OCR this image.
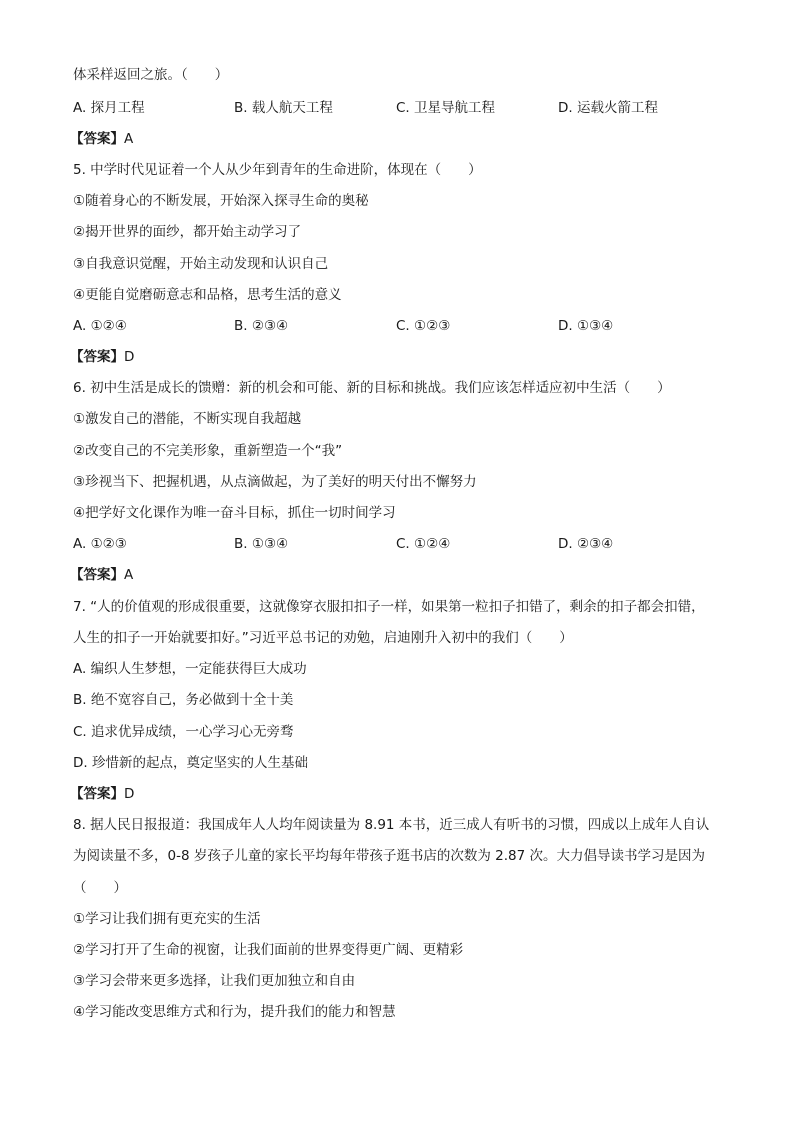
体采样返回之旅。（　　）
A. 探月工程	B. 载人航天工程	C. 卫星导航工程	D. 运载火箭工程
【答案】A
5. 中学时代见证着一个人从少年到青年的生命进阶，体现在（　　）
①随着身心的不断发展，开始深入探寻生命的奥秘
②揭开世界的面纱，都开始主动学习了
③自我意识觉醒，开始主动发现和认识自己
④更能自觉磨砺意志和品格，思考生活的意义
A. ①②④	B. ②③④	C. ①②③	D. ①③④
【答案】D
6. 初中生活是成长的馈赠：新的机会和可能、新的目标和挑战。我们应该怎样适应初中生活（　　）
①激发自己的潜能，不断实现自我超越
②改变自己的不完美形象，重新塑造一个“我”
③珍视当下、把握机遇，从点滴做起，为了美好的明天付出不懈努力
④把学好文化课作为唯一奋斗目标，抓住一切时间学习
A. ①②③	B. ①③④	C. ①②④	D. ②③④
【答案】A
7. “人的价值观的形成很重要，这就像穿衣服扣扣子一样，如果第一粒扣子扣错了，剩余的扣子都会扣错，
人生的扣子一开始就要扣好。”习近平总书记的劝勉，启迪刚升入初中的我们（　　）
A. 编织人生梦想，一定能获得巨大成功
B. 绝不宽容自己，务必做到十全十美
C. 追求优异成绩，一心学习心无旁骛
D. 珍惜新的起点，奠定坚实的人生基础
【答案】D
8. 据人民日报报道：我国成年人人均年阅读量为 8.91 本书，近三成人有听书的习惯，四成以上成年人自认
为阅读量不多，0-8 岁孩子儿童的家长平均每年带孩子逛书店的次数为 2.87 次。大力倡导读书学习是因为
（　　）
①学习让我们拥有更充实的生活
②学习打开了生命的视窗，让我们面前的世界变得更广阔、更精彩
③学习会带来更多选择，让我们更加独立和自由
④学习能改变思维方式和行为，提升我们的能力和智慧
